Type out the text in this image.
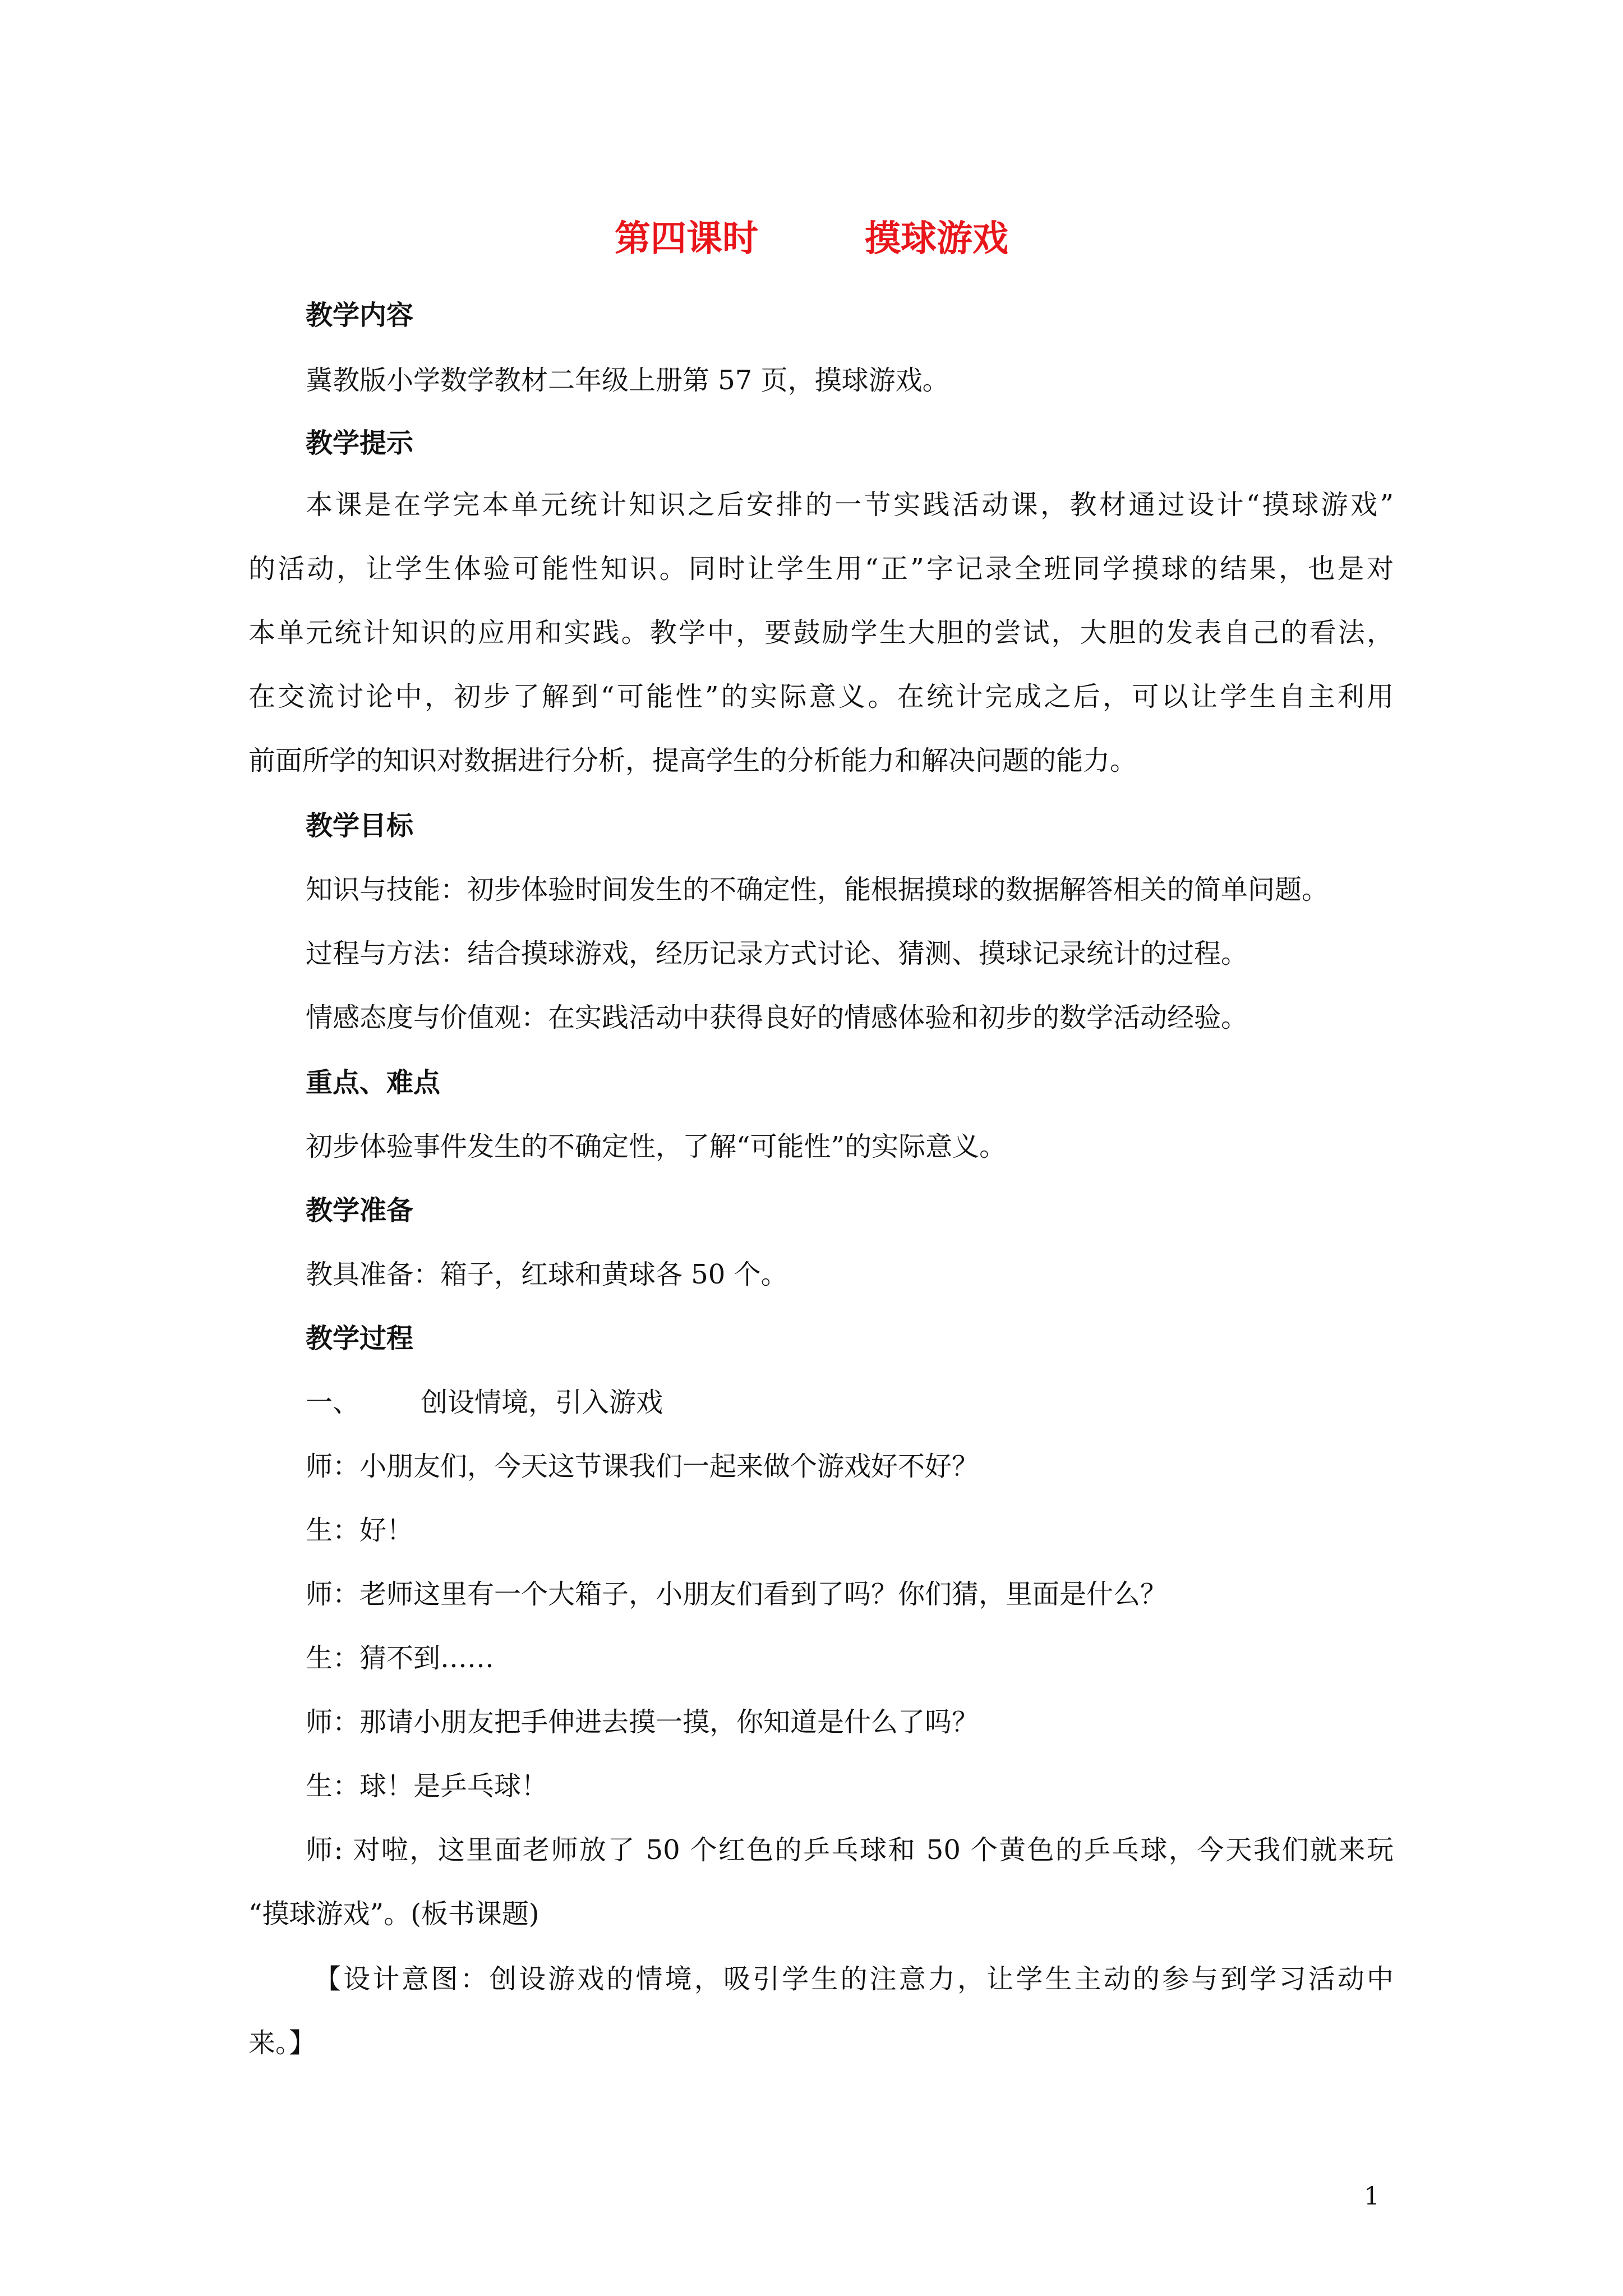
第四课时	摸球游戏
教学内容
冀教版小学数学教材二年级上册第 57 页，摸球游戏。
教学提示
本课是在学完本单元统计知识之后安排的一节实践活动课，教材通过设计“摸球游戏”
的活动，让学生体验可能性知识。同时让学生用“正”字记录全班同学摸球的结果，也是对
本单元统计知识的应用和实践。教学中，要鼓励学生大胆的尝试，大胆的发表自己的看法，
在交流讨论中，初步了解到“可能性”的实际意义。在统计完成之后，可以让学生自主利用
前面所学的知识对数据进行分析，提高学生的分析能力和解决问题的能力。
教学目标
知识与技能：初步体验时间发生的不确定性，能根据摸球的数据解答相关的简单问题。
过程与方法：结合摸球游戏，经历记录方式讨论、猜测、摸球记录统计的过程。
情感态度与价值观：在实践活动中获得良好的情感体验和初步的数学活动经验。
重点、难点
初步体验事件发生的不确定性，了解“可能性”的实际意义。
教学准备
教具准备：箱子，红球和黄球各 50 个。
教学过程
一、 创设情境，引入游戏
师：小朋友们，今天这节课我们一起来做个游戏好不好？
生：好！
师：老师这里有一个大箱子，小朋友们看到了吗？你们猜，里面是什么？
生：猜不到……
师：那请小朋友把手伸进去摸一摸，你知道是什么了吗？
生：球！是乒乓球！
师: 对啦，这里面老师放了 50 个红色的乒乓球和 50 个黄色的乒乓球，今天我们就来玩
“摸球游戏”。(板书课题)
【设计意图：创设游戏的情境，吸引学生的注意力，让学生主动的参与到学习活动中
来。】
1
